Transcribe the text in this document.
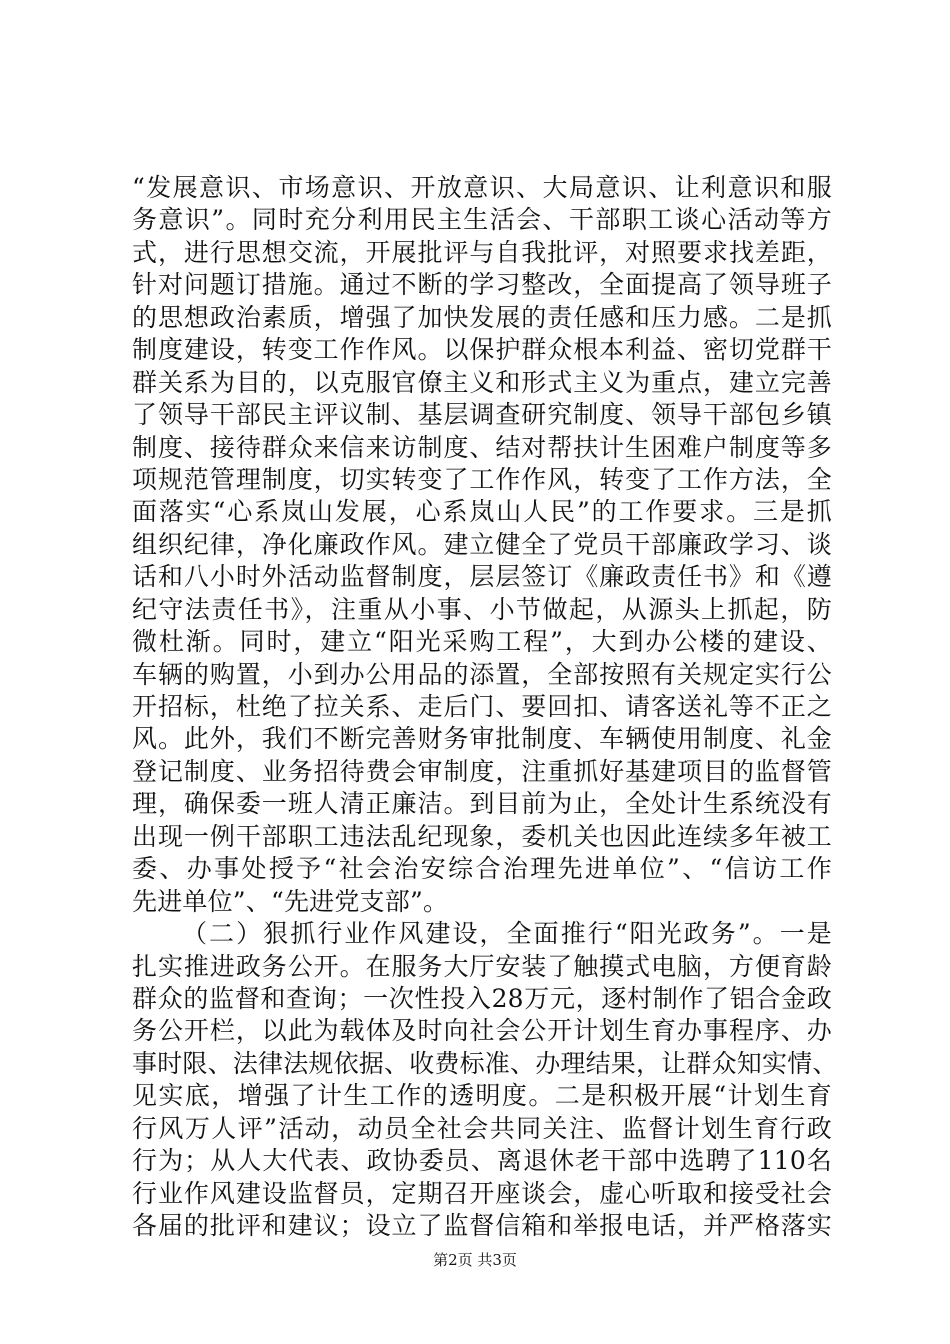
“发展意识、市场意识、开放意识、大局意识、让利意识和服
务意识”。同时充分利用民主生活会、干部职工谈心活动等方
式，进行思想交流，开展批评与自我批评，对照要求找差距，
针对问题订措施。通过不断的学习整改，全面提高了领导班子
的思想政治素质，增强了加快发展的责任感和压力感。二是抓
制度建设，转变工作作风。以保护群众根本利益、密切党群干
群关系为目的，以克服官僚主义和形式主义为重点，建立完善
了领导干部民主评议制、基层调查研究制度、领导干部包乡镇
制度、接待群众来信来访制度、结对帮扶计生困难户制度等多
项规范管理制度，切实转变了工作作风，转变了工作方法，全
面落实“心系岚山发展，心系岚山人民”的工作要求。三是抓
组织纪律，净化廉政作风。建立健全了党员干部廉政学习、谈
话和八小时外活动监督制度，层层签订《廉政责任书》和《遵
纪守法责任书》，注重从小事、小节做起，从源头上抓起，防
微杜渐。同时，建立“阳光采购工程”，大到办公楼的建设、
车辆的购置，小到办公用品的添置，全部按照有关规定实行公
开招标，杜绝了拉关系、走后门、要回扣、请客送礼等不正之
风。此外，我们不断完善财务审批制度、车辆使用制度、礼金
登记制度、业务招待费会审制度，注重抓好基建项目的监督管
理，确保委一班人清正廉洁。到目前为止，全处计生系统没有
出现一例干部职工违法乱纪现象，委机关也因此连续多年被工
委、办事处授予“社会治安综合治理先进单位”、“信访工作
先进单位”、“先进党支部”。
（二）狠抓行业作风建设，全面推行“阳光政务”。一是
扎实推进政务公开。在服务大厅安装了触摸式电脑，方便育龄
群众的监督和查询；一次性投入28万元，逐村制作了铝合金政
务公开栏，以此为载体及时向社会公开计划生育办事程序、办
事时限、法律法规依据、收费标准、办理结果，让群众知实情、
见实底，增强了计生工作的透明度。二是积极开展“计划生育
行风万人评”活动，动员全社会共同关注、监督计划生育行政
行为；从人大代表、政协委员、离退休老干部中选聘了110名
行业作风建设监督员，定期召开座谈会，虚心听取和接受社会
各届的批评和建议；设立了监督信箱和举报电话，并严格落实
第2页 共3页
